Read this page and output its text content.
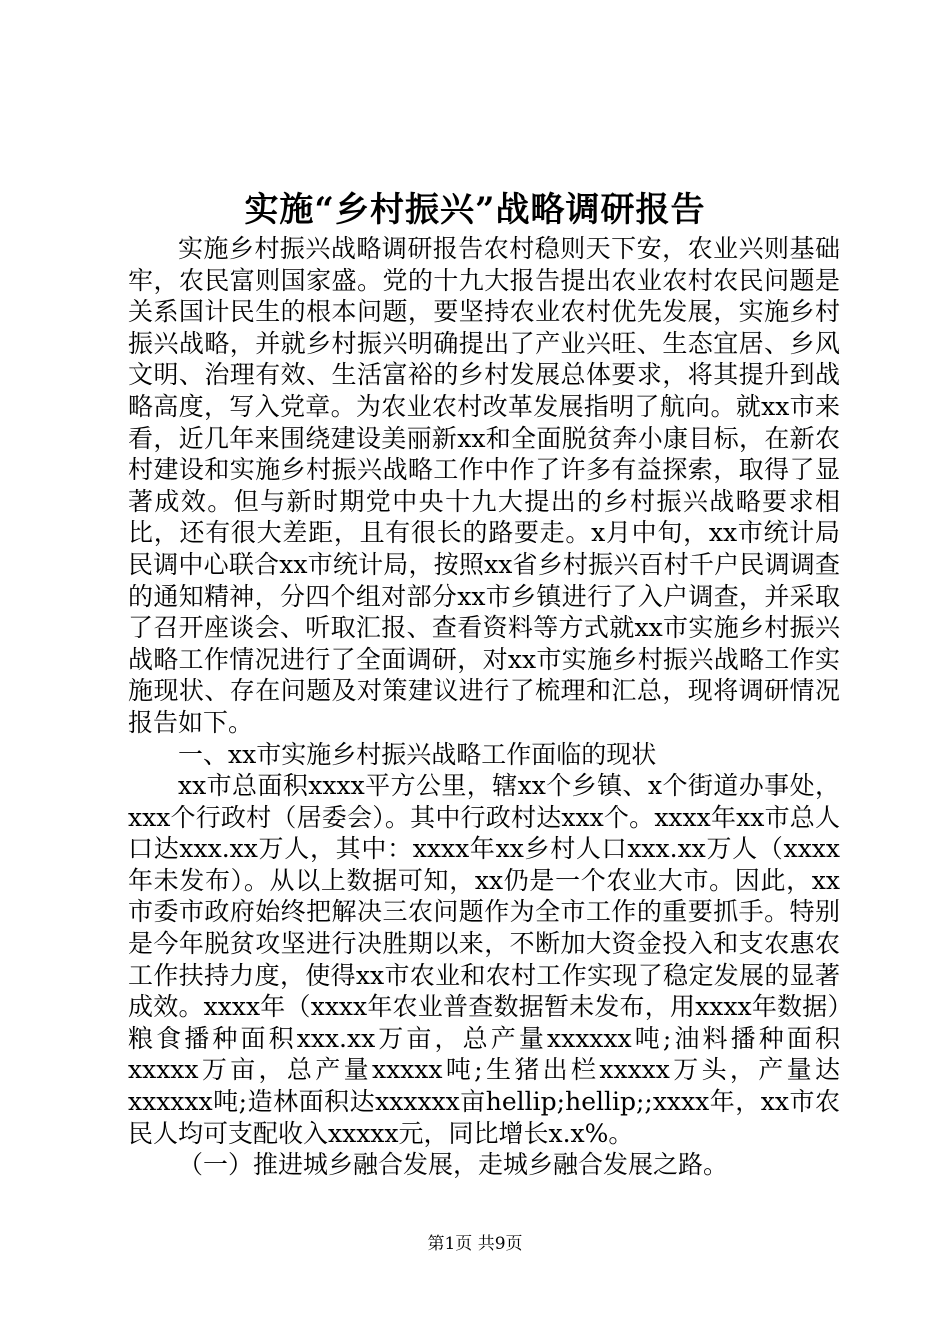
实施“乡村振兴”战略调研报告

实施乡村振兴战略调研报告农村稳则天下安，农业兴则基础牢，农民富则国家盛。党的十九大报告提出农业农村农民问题是关系国计民生的根本问题，要坚持农业农村优先发展，实施乡村振兴战略，并就乡村振兴明确提出了产业兴旺、生态宜居、乡风文明、治理有效、生活富裕的乡村发展总体要求，将其提升到战略高度，写入党章。为农业农村改革发展指明了航向。就xx市来看，近几年来围绕建设美丽新xx和全面脱贫奔小康目标，在新农村建设和实施乡村振兴战略工作中作了许多有益探索，取得了显著成效。但与新时期党中央十九大提出的乡村振兴战略要求相比，还有很大差距，且有很长的路要走。x月中旬，xx市统计局民调中心联合xx市统计局，按照xx省乡村振兴百村千户民调调查的通知精神，分四个组对部分xx市乡镇进行了入户调查，并采取了召开座谈会、听取汇报、查看资料等方式就xx市实施乡村振兴战略工作情况进行了全面调研，对xx市实施乡村振兴战略工作实施现状、存在问题及对策建议进行了梳理和汇总，现将调研情况报告如下。

一、xx市实施乡村振兴战略工作面临的现状

xx市总面积xxxx平方公里，辖xx个乡镇、x个街道办事处，xxx个行政村（居委会）。其中行政村达xxx个。xxxx年xx市总人口达xxx.xx万人，其中：xxxx年xx乡村人口xxx.xx万人（xxxx年未发布）。从以上数据可知，xx仍是一个农业大市。因此，xx市委市政府始终把解决三农问题作为全市工作的重要抓手。特别是今年脱贫攻坚进行决胜期以来，不断加大资金投入和支农惠农工作扶持力度，使得xx市农业和农村工作实现了稳定发展的显著成效。xxxx年（xxxx年农业普查数据暂未发布，用xxxx年数据）粮食播种面积xxx.xx万亩，总产量xxxxxx吨;油料播种面积xxxxx万亩，总产量xxxxx吨;生猪出栏xxxxx万头，产量达xxxxxx吨;造林面积达xxxxxx亩hellip;hellip;;xxxx年，xx市农民人均可支配收入xxxxx元，同比增长x.x%。

（一）推进城乡融合发展，走城乡融合发展之路。

第1页 共9页
